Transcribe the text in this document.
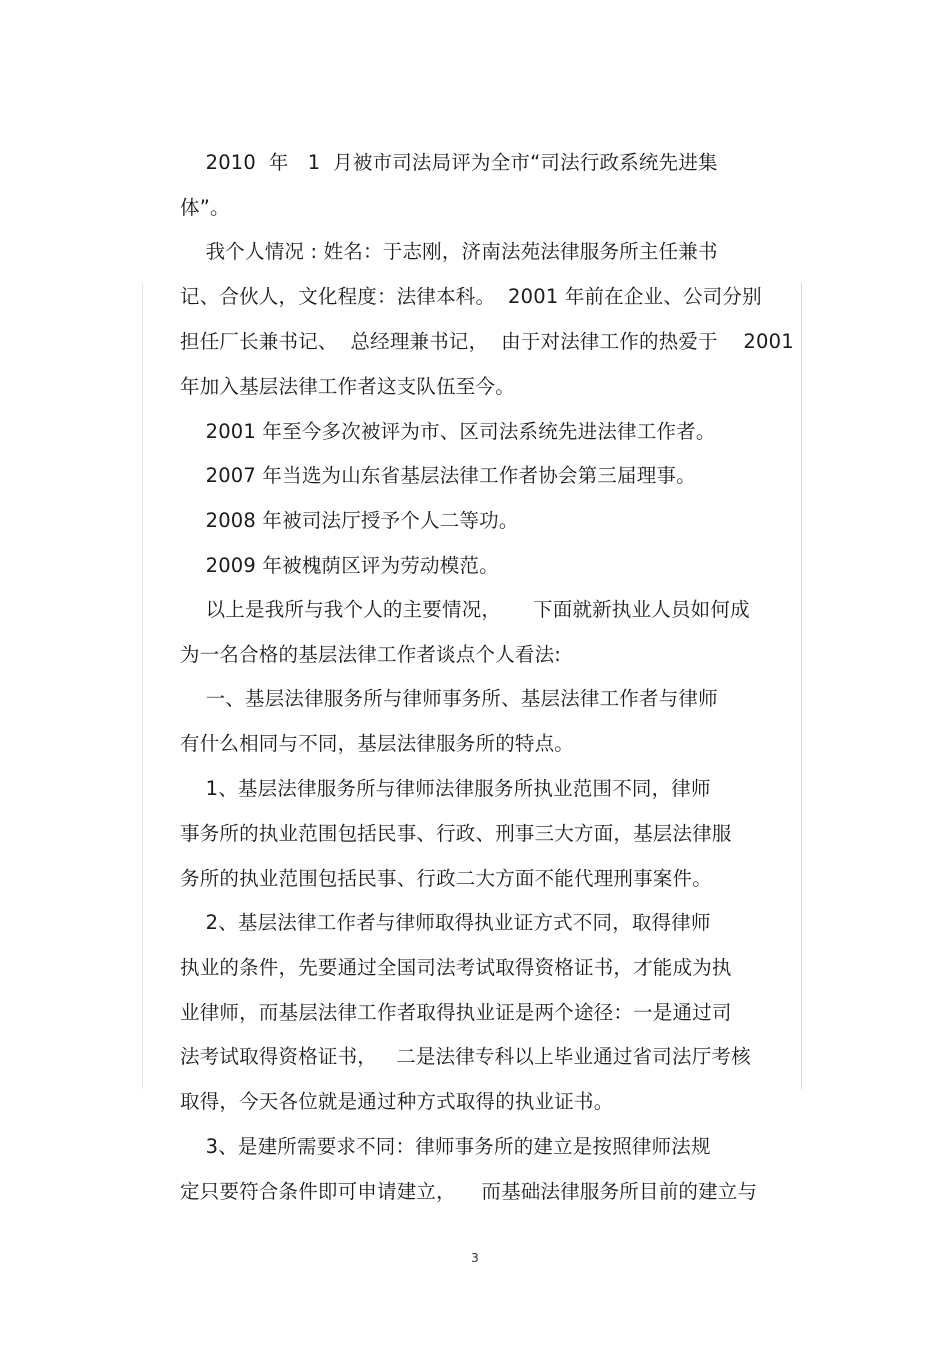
2010  年   1  月被市司法局评为全市“司法行政系统先进集
体”。
我个人情况 : 姓名：于志刚，济南法苑法律服务所主任兼书
记、合伙人，文化程度：法律本科。  2001 年前在企业、公司分别
担任厂长兼书记、  总经理兼书记，  由于对法律工作的热爱于    2001
年加入基层法律工作者这支队伍至今。
2001 年至今多次被评为市、区司法系统先进法律工作者。
2007 年当选为山东省基层法律工作者协会第三届理事。
2008 年被司法厅授予个人二等功。
2009 年被槐荫区评为劳动模范。
以上是我所与我个人的主要情况，     下面就新执业人员如何成
为一名合格的基层法律工作者谈点个人看法:
一、基层法律服务所与律师事务所、基层法律工作者与律师
有什么相同与不同，基层法律服务所的特点。
1、基层法律服务所与律师法律服务所执业范围不同，律师
事务所的执业范围包括民事、行政、刑事三大方面，基层法律服
务所的执业范围包括民事、行政二大方面不能代理刑事案件。
2、基层法律工作者与律师取得执业证方式不同，取得律师
执业的条件，先要通过全国司法考试取得资格证书，才能成为执
业律师，而基层法律工作者取得执业证是两个途径：一是通过司
法考试取得资格证书，   二是法律专科以上毕业通过省司法厅考核
取得，今天各位就是通过种方式取得的执业证书。
3、是建所需要求不同：律师事务所的建立是按照律师法规
定只要符合条件即可申请建立，    而基础法律服务所目前的建立与
3
